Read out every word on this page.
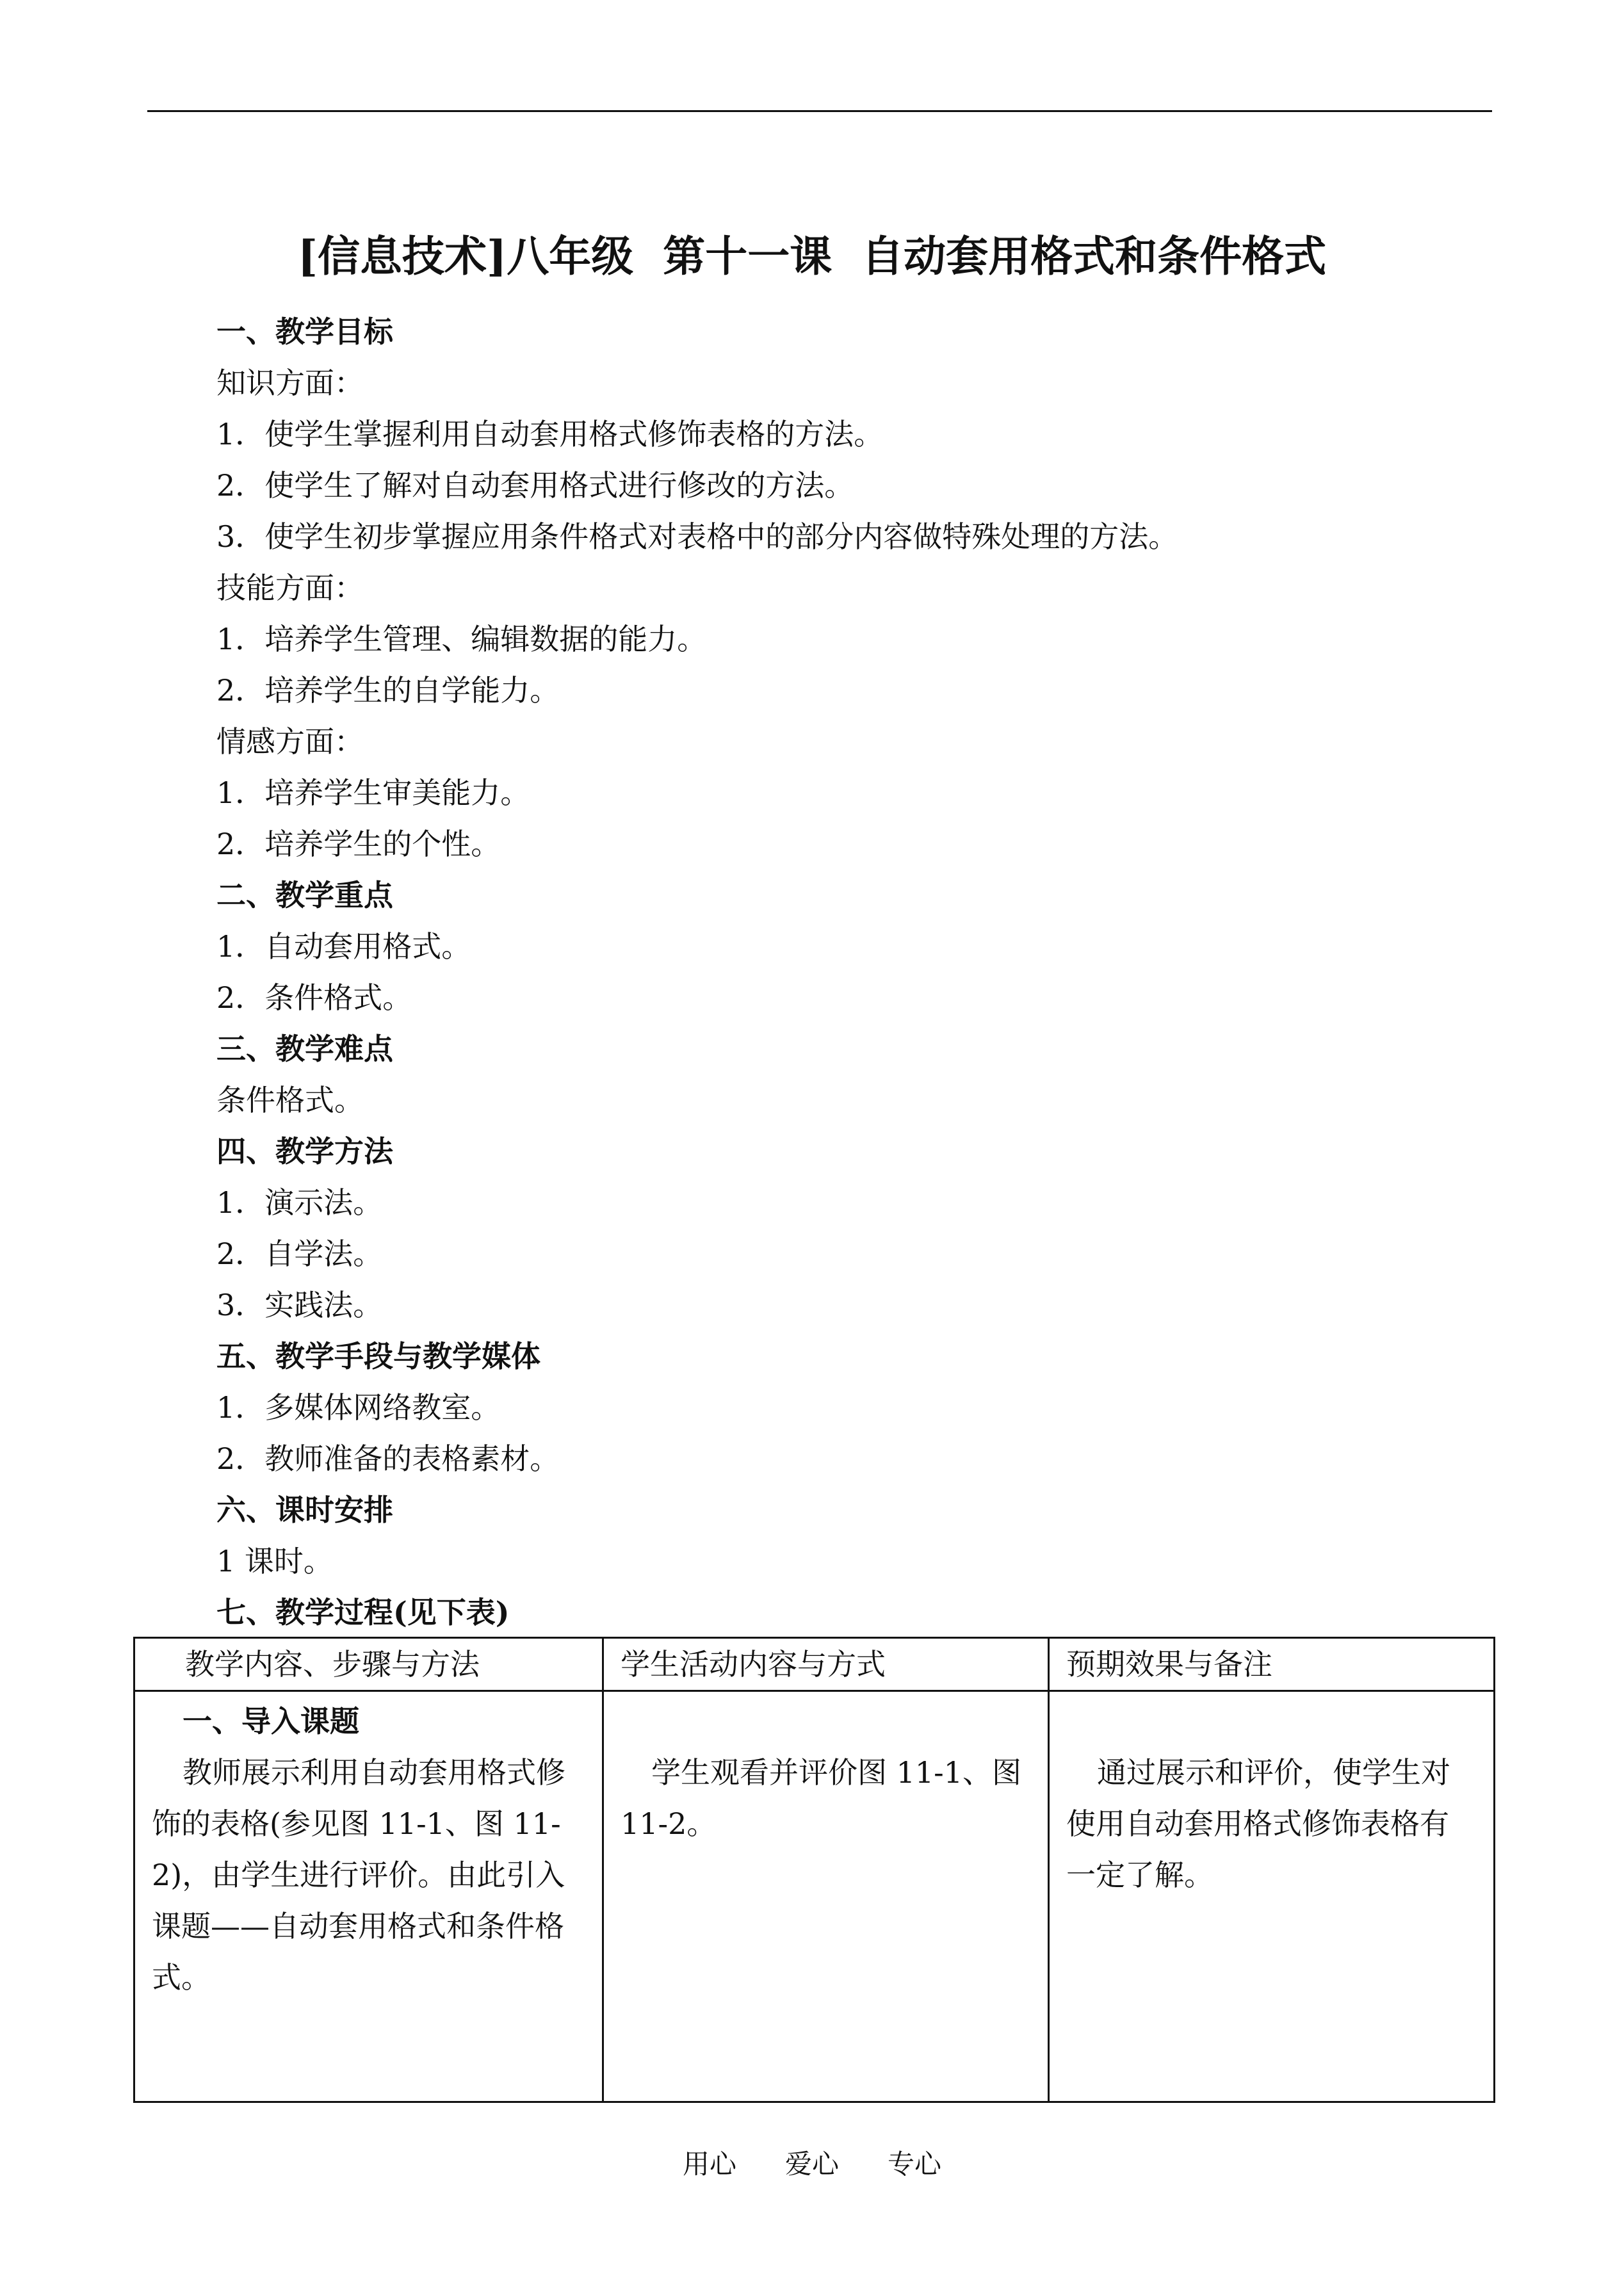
[信息技术]八年级  第十一课  自动套用格式和条件格式
一、教学目标
知识方面：
1．使学生掌握利用自动套用格式修饰表格的方法。
2．使学生了解对自动套用格式进行修改的方法。
3．使学生初步掌握应用条件格式对表格中的部分内容做特殊处理的方法。
技能方面：
1．培养学生管理、编辑数据的能力。
2．培养学生的自学能力。
情感方面：
1．培养学生审美能力。
2．培养学生的个性。
二、教学重点
1．自动套用格式。
2．条件格式。
三、教学难点
条件格式。
四、教学方法
1．演示法。
2．自学法。
3．实践法。
五、教学手段与教学媒体
1．多媒体网络教室。
2．教师准备的表格素材。
六、课时安排
1 课时。
七、教学过程(见下表)
教学内容、步骤与方法	学生活动内容与方式	预期效果与备注

一、导入课题
教师展示利用自动套用格式修饰的表格(参见图 11-1、图 11-2)，由学生进行评价。由此引入课题——自动套用格式和条件格式。	学生观看并评价图 11-1、图 11-2。	通过展示和评价，使学生对使用自动套用格式修饰表格有一定了解。
用心 爱心 专心
